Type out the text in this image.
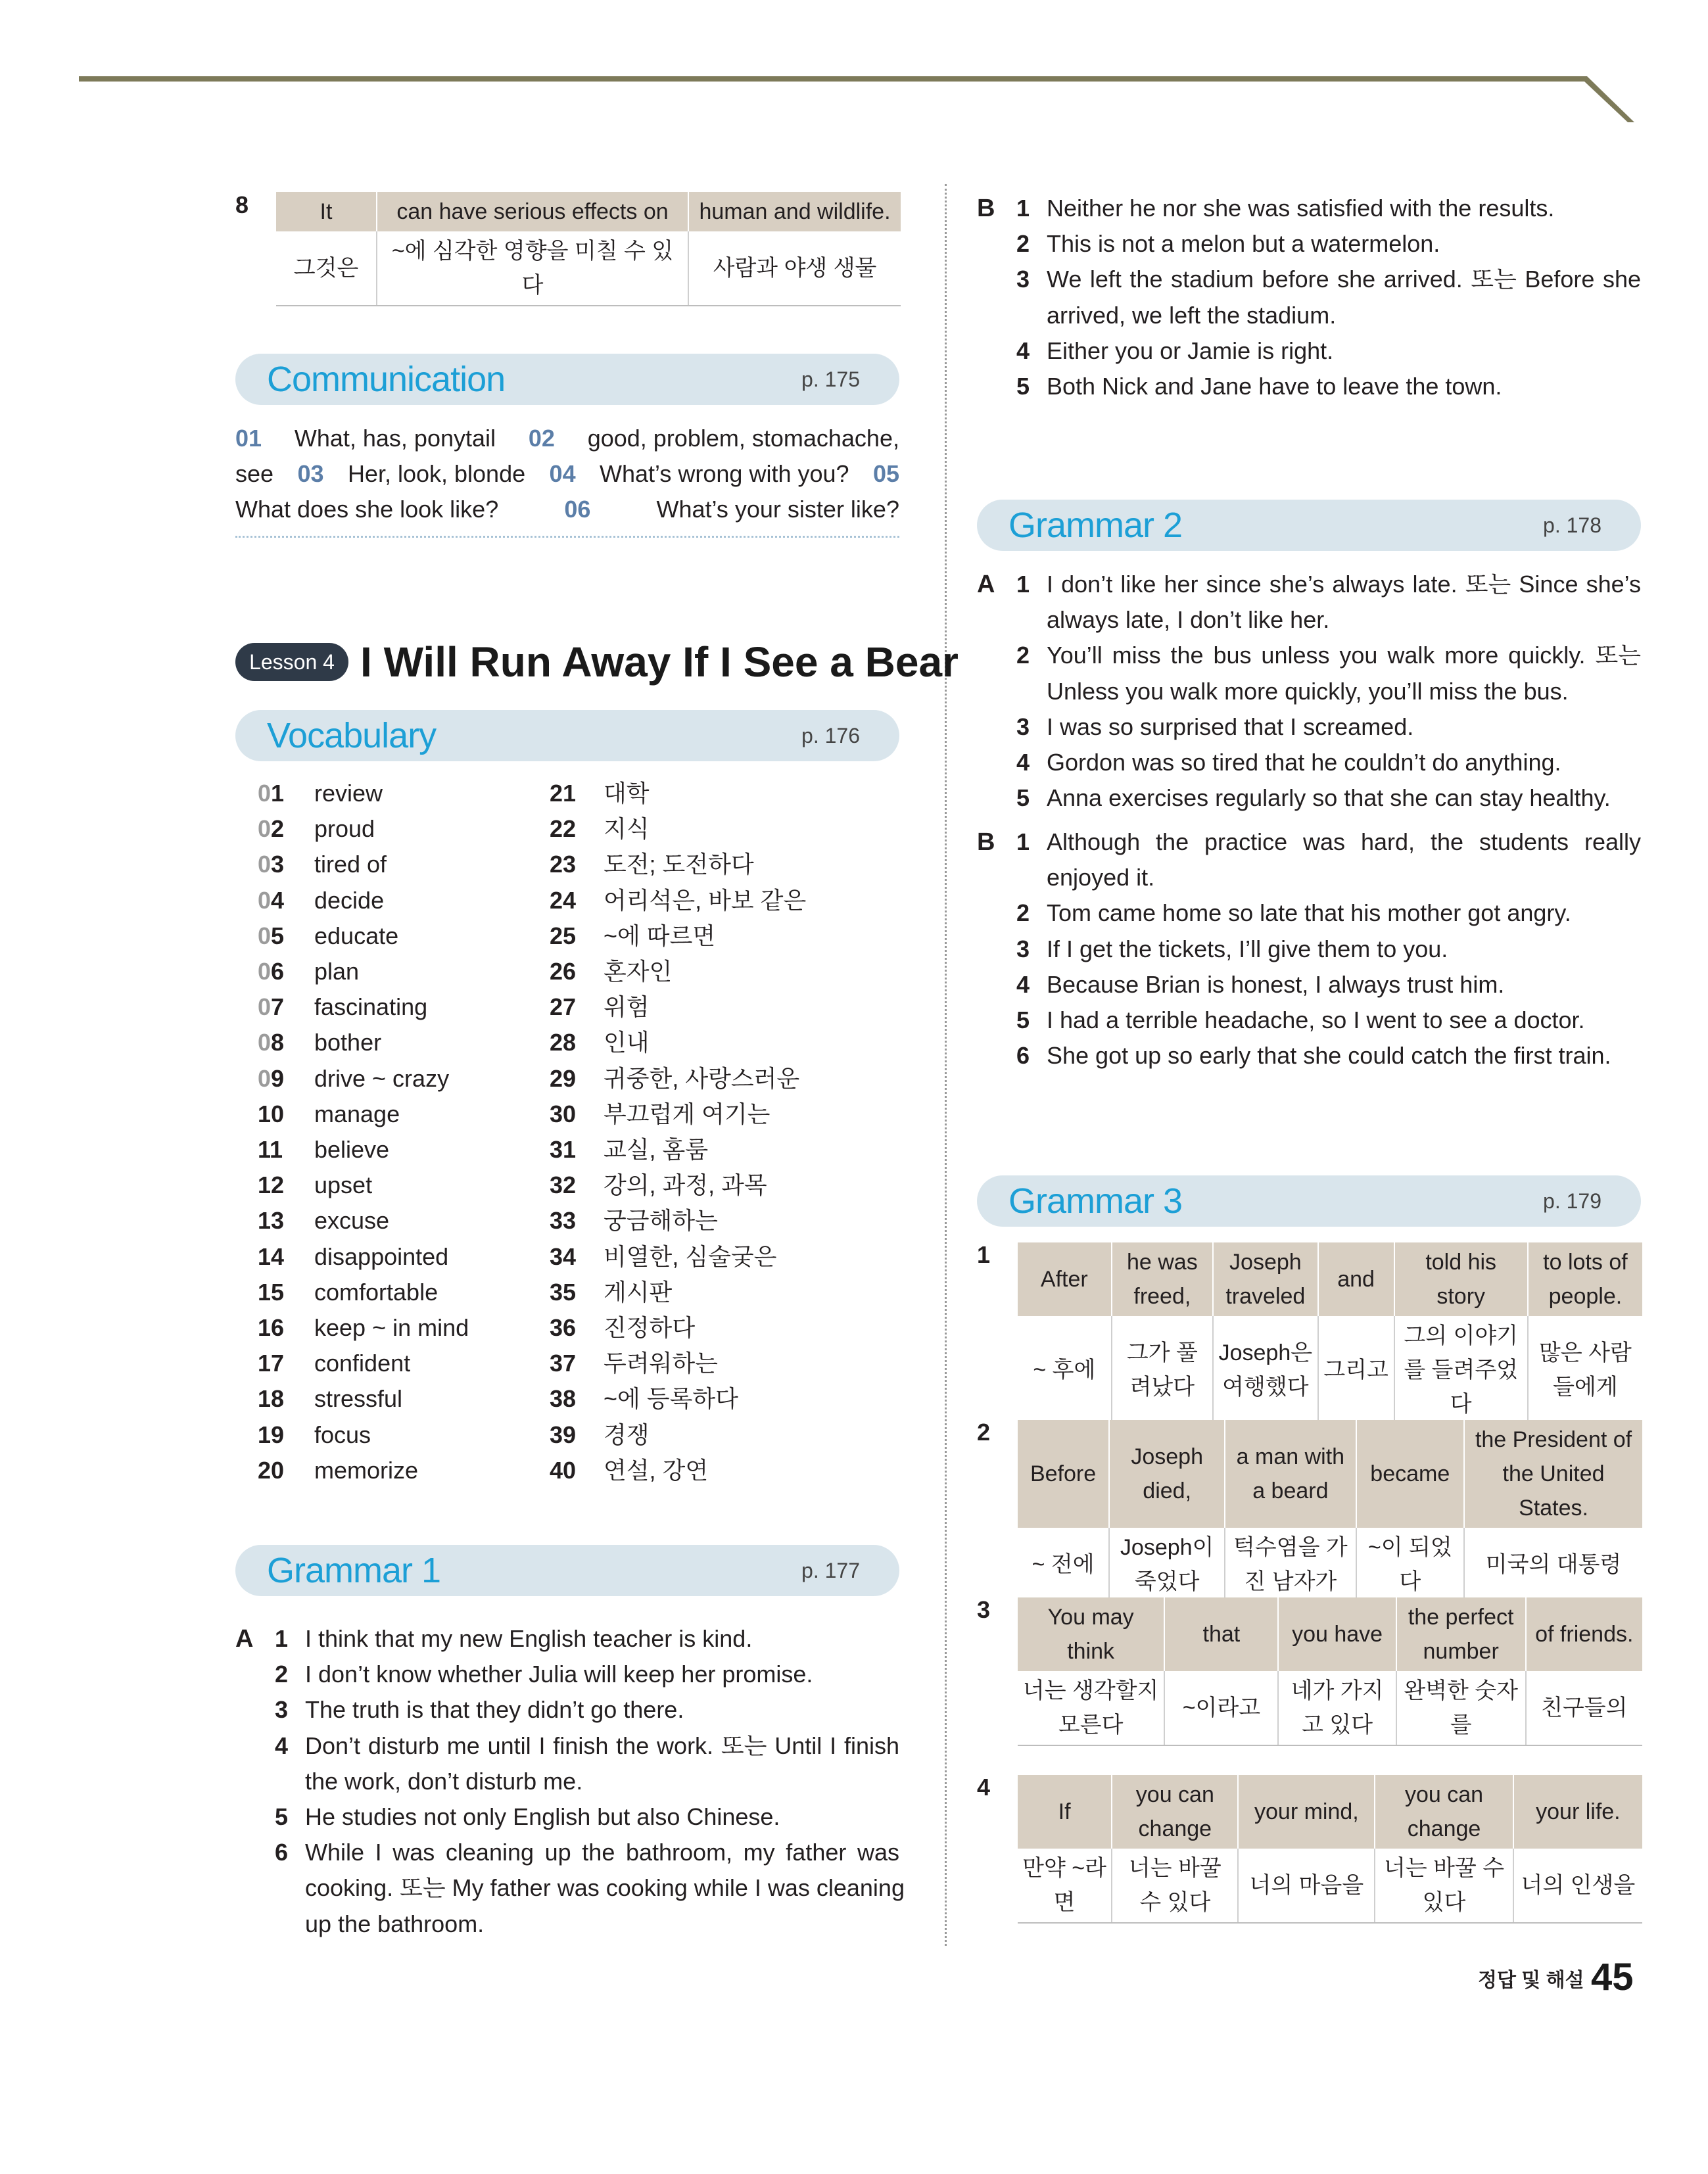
8	It	can have serious effects on	human and wildlife.
그것은	~에 심각한 영향을 미칠 수 있다	사람과 야생 생물
Communication	p. 175
01 What, has, ponytail 02 good, problem, stomachache,
see 03 Her, look, blonde 04 What’s wrong with you? 05
What does she look like?	06	What’s your sister like?
Lesson 4 I Will Run Away If I See a Bear
Vocabulary	p. 176
01 review
02 proud
03 tired of
04 decide
05 educate
06 plan
07 fascinating
08 bother
09 drive ~ crazy
10 manage
11 believe
12 upset
13 excuse
14 disappointed
15 comfortable
16 keep ~ in mind
17 confident
18 stressful
19 focus
20 memorize
21 대학
22 지식
23 도전; 도전하다
24 어리석은, 바보 같은
25 ~에 따르면
26 혼자인
27 위험
28 인내
29 귀중한, 사랑스러운
30 부끄럽게 여기는
31 교실, 홈룸
32 강의, 과정, 과목
33 궁금해하는
34 비열한, 심술궂은
35 게시판
36 진정하다
37 두려워하는
38 ~에 등록하다
39 경쟁
40 연설, 강연
Grammar 1	p. 177
A 1 I think that my new English teacher is kind.
2 I don’t know whether Julia will keep her promise.
3 The truth is that they didn’t go there.
4 Don’t disturb me until I finish the work. 또는 Until I finish
the work, don’t disturb me.
5 He studies not only English but also Chinese.
6 While I was cleaning up the bathroom, my father was
cooking. 또는 My father was cooking while I was cleaning
up the bathroom.
B 1 Neither he nor she was satisfied with the results.
2 This is not a melon but a watermelon.
3 We left the stadium before she arrived. 또는 Before she
arrived, we left the stadium.
4 Either you or Jamie is right.
5 Both Nick and Jane have to leave the town.
Grammar 2	p. 178
A 1 I don’t like her since she’s always late. 또는 Since she’s
always late, I don’t like her.
2 You’ll miss the bus unless you walk more quickly. 또는
Unless you walk more quickly, you’ll miss the bus.
3 I was so surprised that I screamed.
4 Gordon was so tired that he couldn’t do anything.
5 Anna exercises regularly so that she can stay healthy.
B 1 Although the practice was hard, the students really
enjoyed it.
2 Tom came home so late that his mother got angry.
3 If I get the tickets, I’ll give them to you.
4 Because Brian is honest, I always trust him.
5 I had a terrible headache, so I went to see a doctor.
6 She got up so early that she could catch the first train.
Grammar 3	p. 179
1
After	he was freed,	Joseph traveled	and	told his story	to lots of people.
~ 후에	그가 풀려났다	Joseph은 여행했다	그리고	그의 이야기를 들려주었다	많은 사람들에게
2
Before	Joseph died,	a man with a beard	became	the President of the United States.
~ 전에	Joseph이 죽었다	턱수염을 가진 남자가	~이 되었다	미국의 대통령
3	You may think	that	you have	the perfect number	of friends.
너는 생각할지 모른다	~이라고	네가 가지고 있다	완벽한 숫자를	친구들의
4
If	you can change	your mind,	you can change	your life.
만약 ~라면	너는 바꿀 수 있다	너의 마음을	너는 바꿀 수 있다	너의 인생을
정답 및 해설 45
